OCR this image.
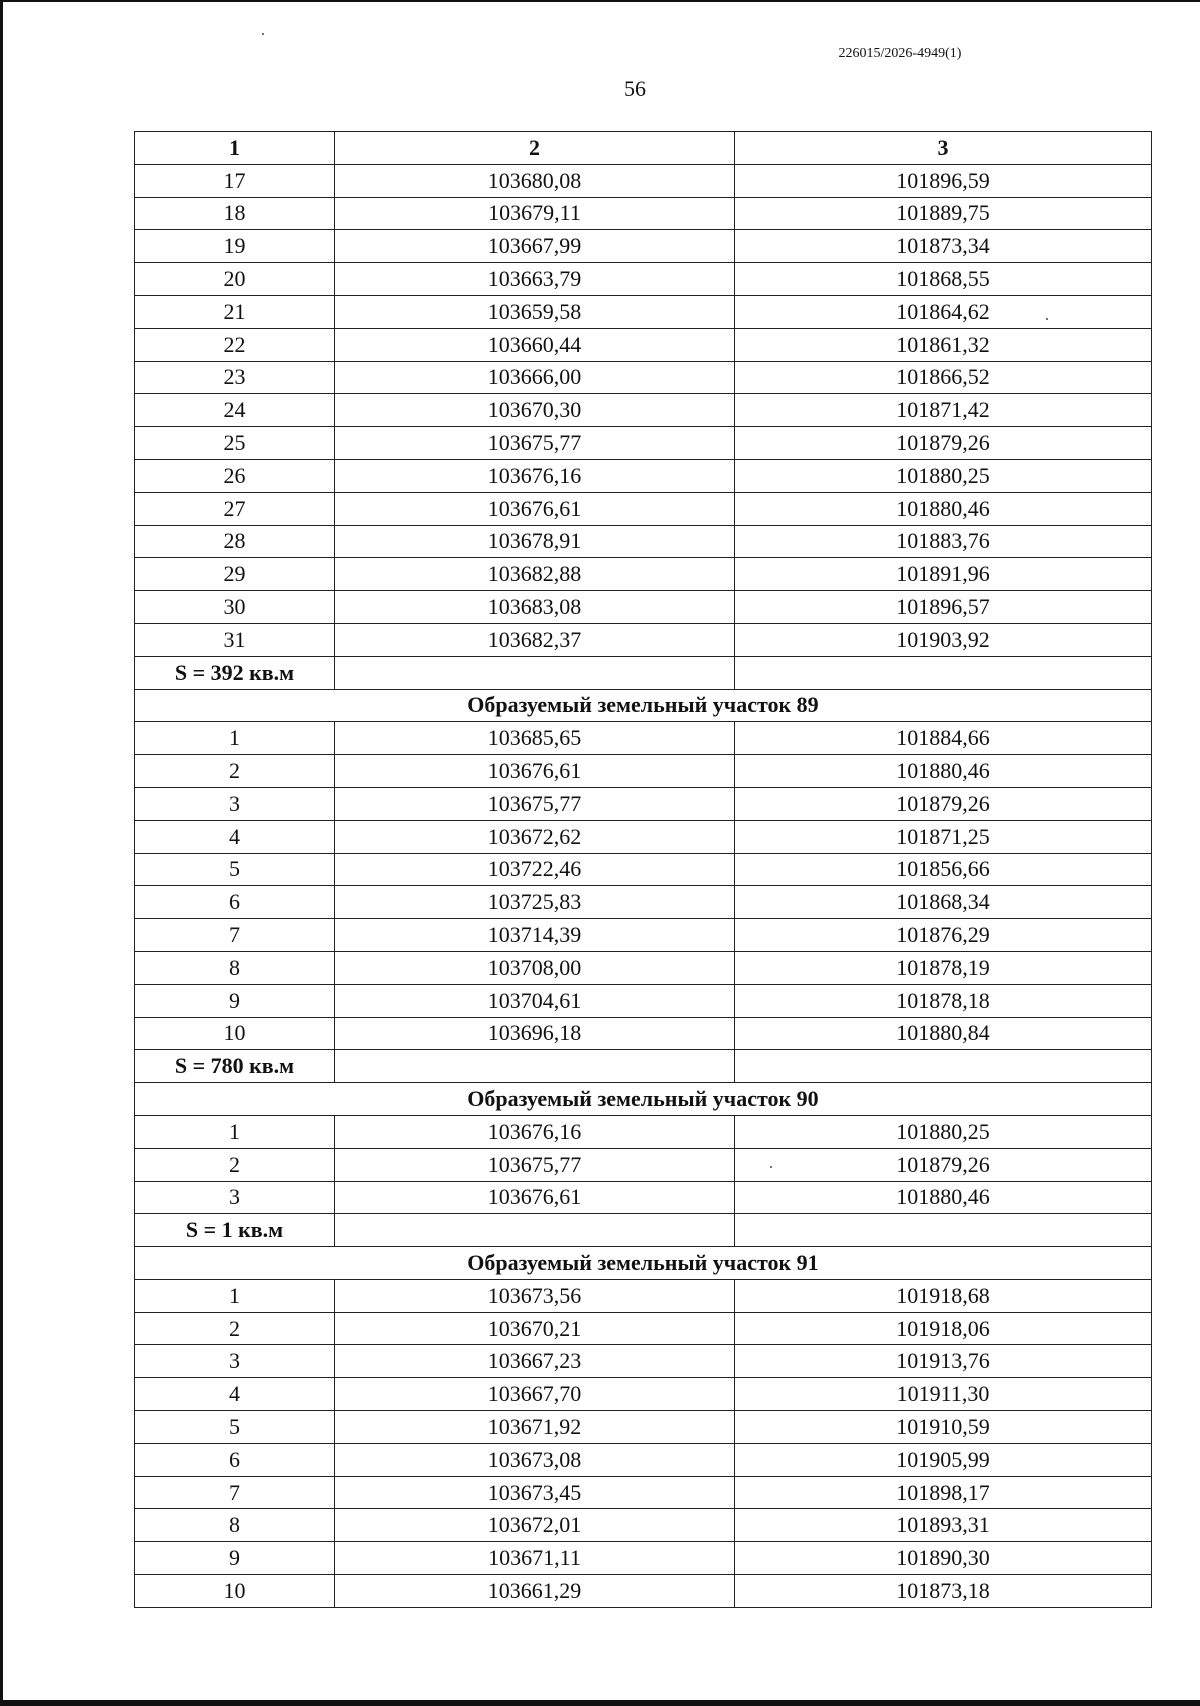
226015/2026-4949(1)
56
1	2	3
17	103680,08	101896,59
18	103679,11	101889,75
19	103667,99	101873,34
20	103663,79	101868,55
21	103659,58	101864,62
22	103660,44	101861,32
23	103666,00	101866,52
24	103670,30	101871,42
25	103675,77	101879,26
26	103676,16	101880,25
27	103676,61	101880,46
28	103678,91	101883,76
29	103682,88	101891,96
30	103683,08	101896,57
31	103682,37	101903,92
S = 392 кв.м		
Образуемый земельный участок 89		
1	103685,65	101884,66
2	103676,61	101880,46
3	103675,77	101879,26
4	103672,62	101871,25
5	103722,46	101856,66
6	103725,83	101868,34
7	103714,39	101876,29
8	103708,00	101878,19
9	103704,61	101878,18
10	103696,18	101880,84
S = 780 кв.м		
Образуемый земельный участок 90		
1	103676,16	101880,25
2	103675,77	101879,26
3	103676,61	101880,46
S = 1 кв.м		
Образуемый земельный участок 91		
1	103673,56	101918,68
2	103670,21	101918,06
3	103667,23	101913,76
4	103667,70	101911,30
5	103671,92	101910,59
6	103673,08	101905,99
7	103673,45	101898,17
8	103672,01	101893,31
9	103671,11	101890,30
10	103661,29	101873,18
